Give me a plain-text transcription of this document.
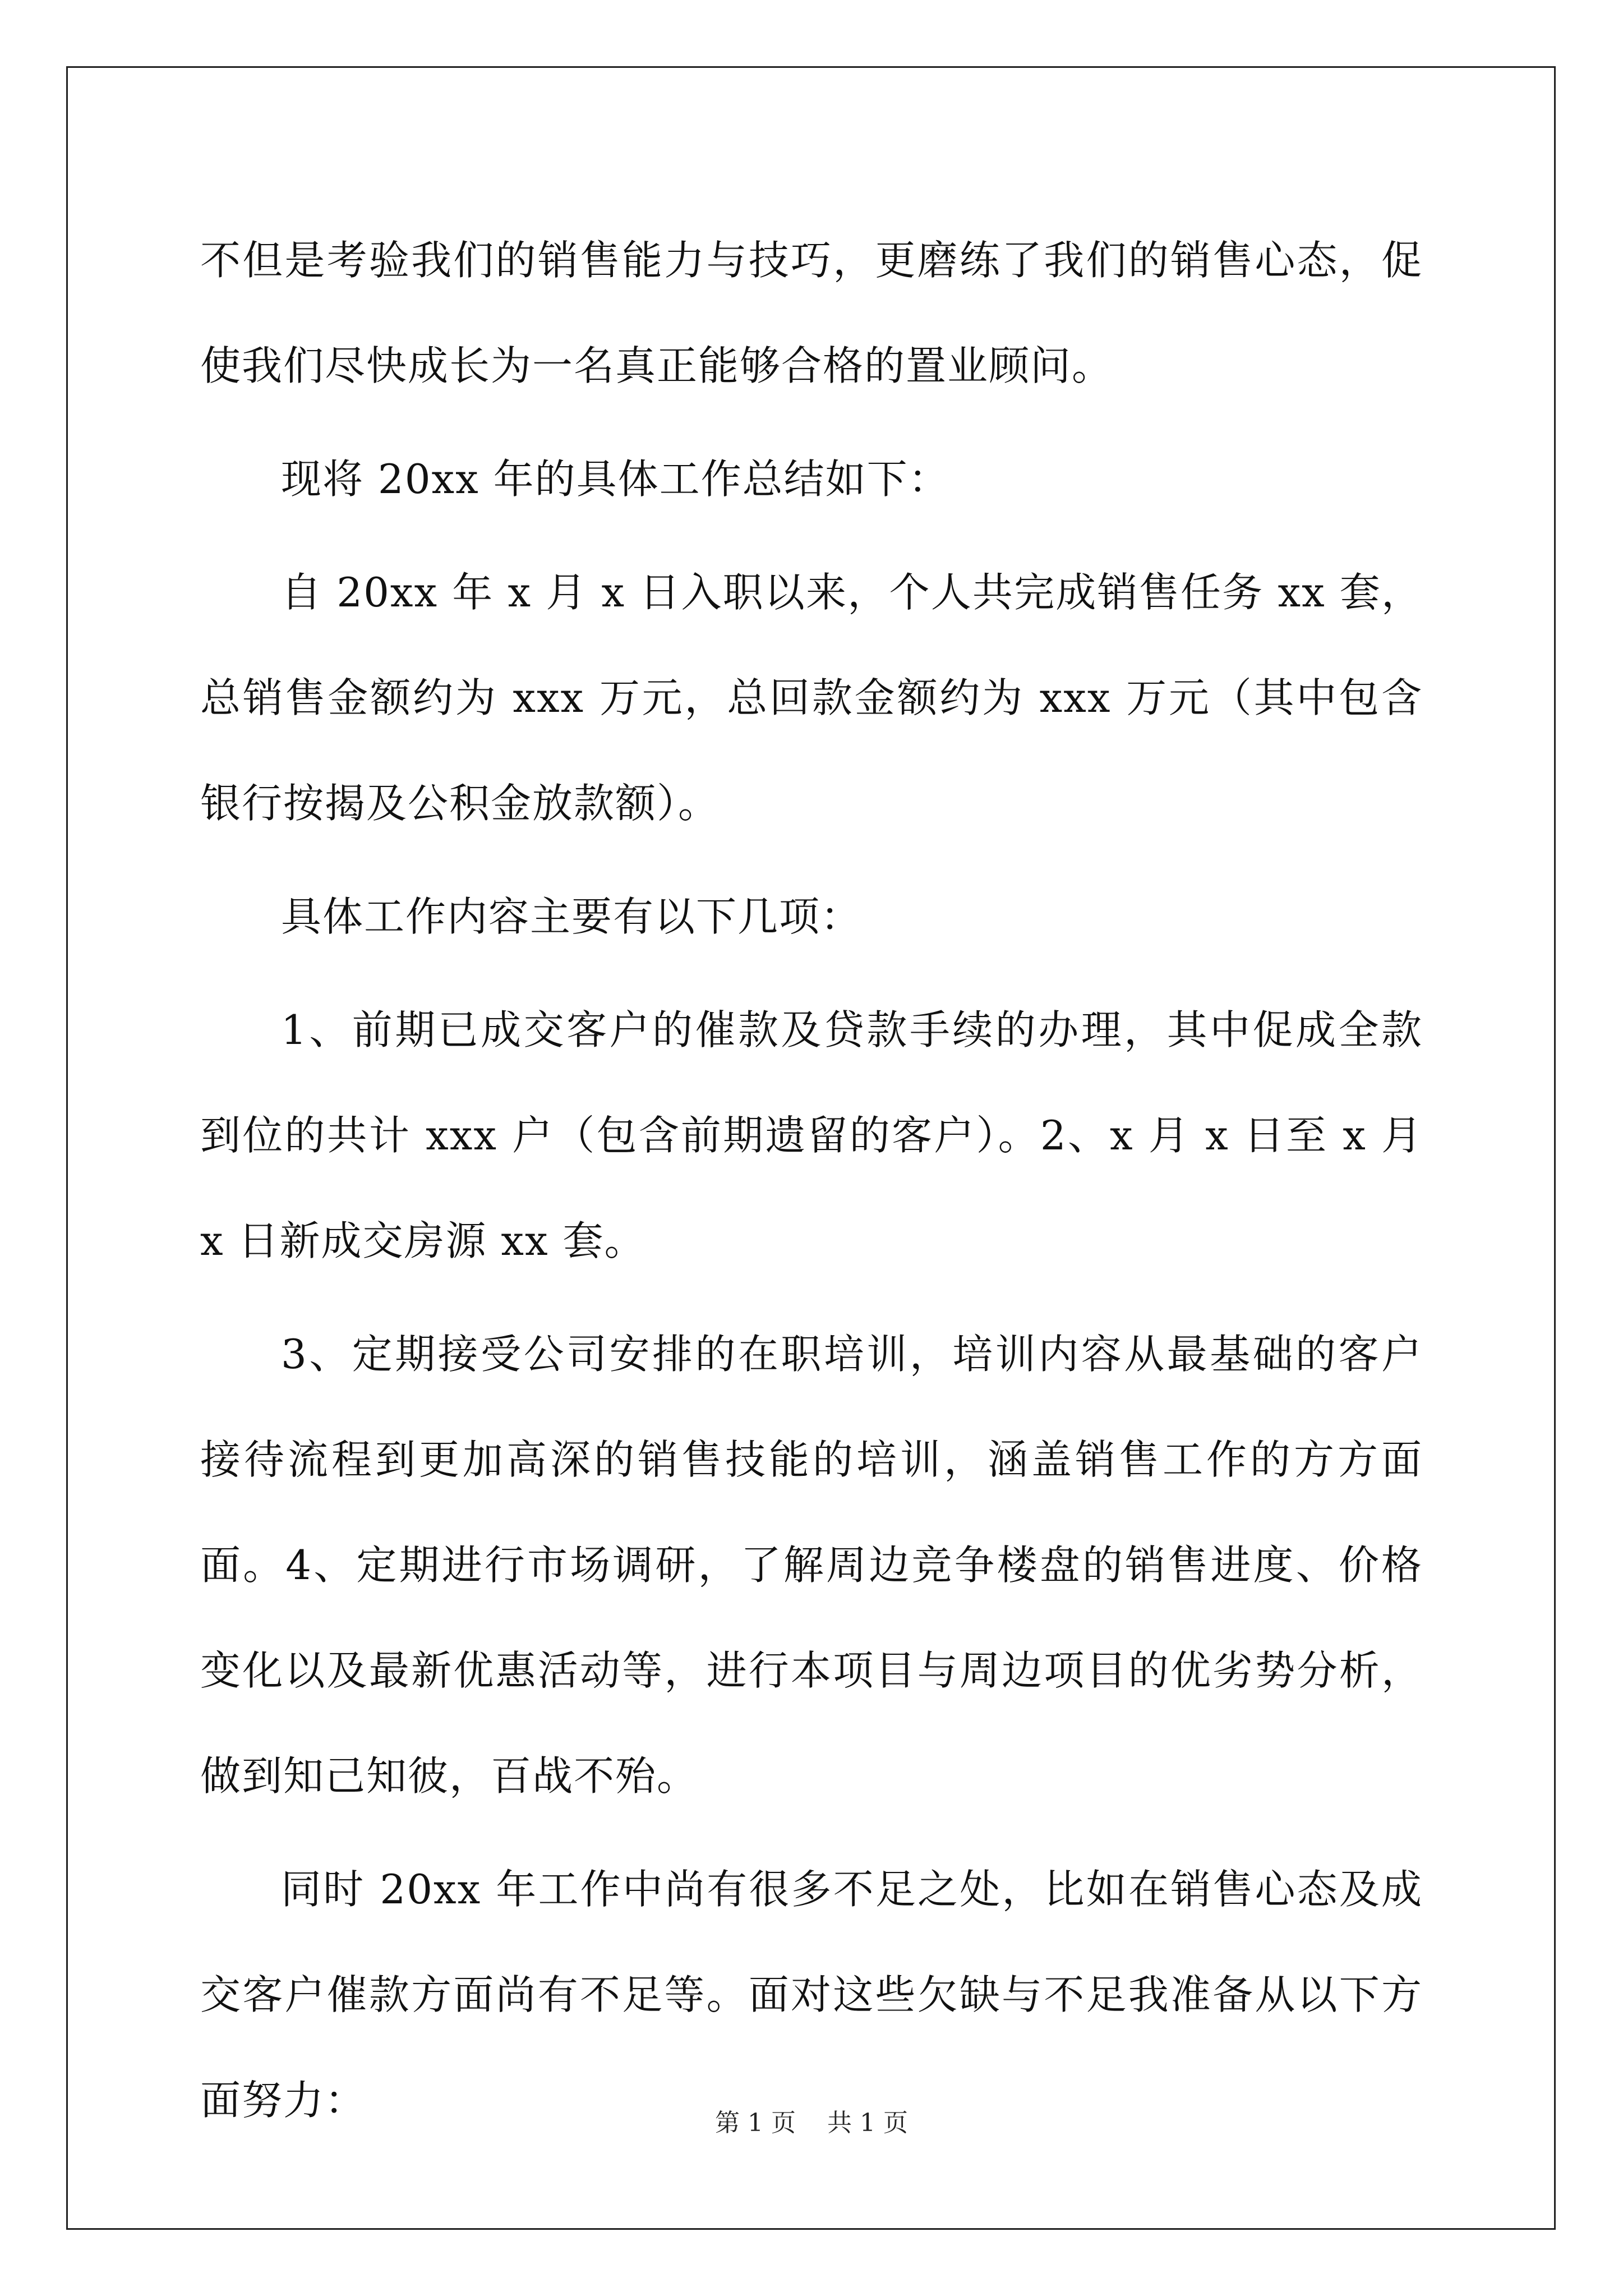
不但是考验我们的销售能力与技巧，更磨练了我们的销售心态，促使我们尽快成长为一名真正能够合格的置业顾问。

现将 20xx 年的具体工作总结如下：

自 20xx 年 x 月 x 日入职以来，个人共完成销售任务 xx 套，总销售金额约为 xxx 万元，总回款金额约为 xxx 万元（其中包含银行按揭及公积金放款额）。

具体工作内容主要有以下几项：

1、前期已成交客户的催款及贷款手续的办理，其中促成全款到位的共计 xxx 户（包含前期遗留的客户）。2、x 月 x 日至 x 月 x 日新成交房源 xx 套。

3、定期接受公司安排的在职培训，培训内容从最基础的客户接待流程到更加高深的销售技能的培训，涵盖销售工作的方方面面。4、定期进行市场调研，了解周边竞争楼盘的销售进度、价格变化以及最新优惠活动等，进行本项目与周边项目的优劣势分析，做到知己知彼，百战不殆。

同时 20xx 年工作中尚有很多不足之处，比如在销售心态及成交客户催款方面尚有不足等。面对这些欠缺与不足我准备从以下方面努力：	第 1 页 共 1 页
